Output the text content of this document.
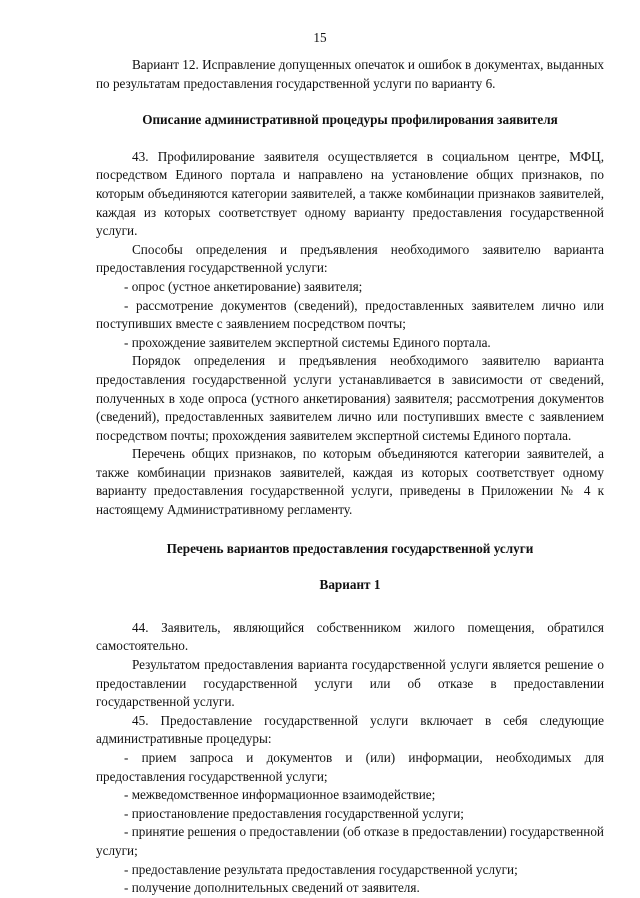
15

Вариант 12. Исправление допущенных опечаток и ошибок в документах, выданных по результатам предоставления государственной услуги по варианту 6.

Описание административной процедуры профилирования заявителя

43. Профилирование заявителя осуществляется в социальном центре, МФЦ, посредством Единого портала и направлено на установление общих признаков, по которым объединяются категории заявителей, а также комбинации признаков заявителей, каждая из которых соответствует одному варианту предоставления государственной услуги.

Способы определения и предъявления необходимого заявителю варианта предоставления государственной услуги:

- опрос (устное анкетирование) заявителя;

- рассмотрение документов (сведений), предоставленных заявителем лично или поступивших вместе с заявлением посредством почты;

- прохождение заявителем экспертной системы Единого портала.

Порядок определения и предъявления необходимого заявителю варианта предоставления государственной услуги устанавливается в зависимости от сведений, полученных в ходе опроса (устного анкетирования) заявителя; рассмотрения документов (сведений), предоставленных заявителем лично или поступивших вместе с заявлением посредством почты; прохождения заявителем экспертной системы Единого портала.

Перечень общих признаков, по которым объединяются категории заявителей, а также комбинации признаков заявителей, каждая из которых соответствует одному варианту предоставления государственной услуги, приведены в Приложении № 4 к настоящему Административному регламенту.

Перечень вариантов предоставления государственной услуги

Вариант 1

44. Заявитель, являющийся собственником жилого помещения, обратился самостоятельно.

Результатом предоставления варианта государственной услуги является решение о предоставлении государственной услуги или об отказе в предоставлении государственной услуги.

45. Предоставление государственной услуги включает в себя следующие административные процедуры:

- прием запроса и документов и (или) информации, необходимых для предоставления государственной услуги;

- межведомственное информационное взаимодействие;

- приостановление предоставления государственной услуги;

- принятие решения о предоставлении (об отказе в предоставлении) государственной услуги;

- предоставление результата предоставления государственной услуги;

- получение дополнительных сведений от заявителя.
